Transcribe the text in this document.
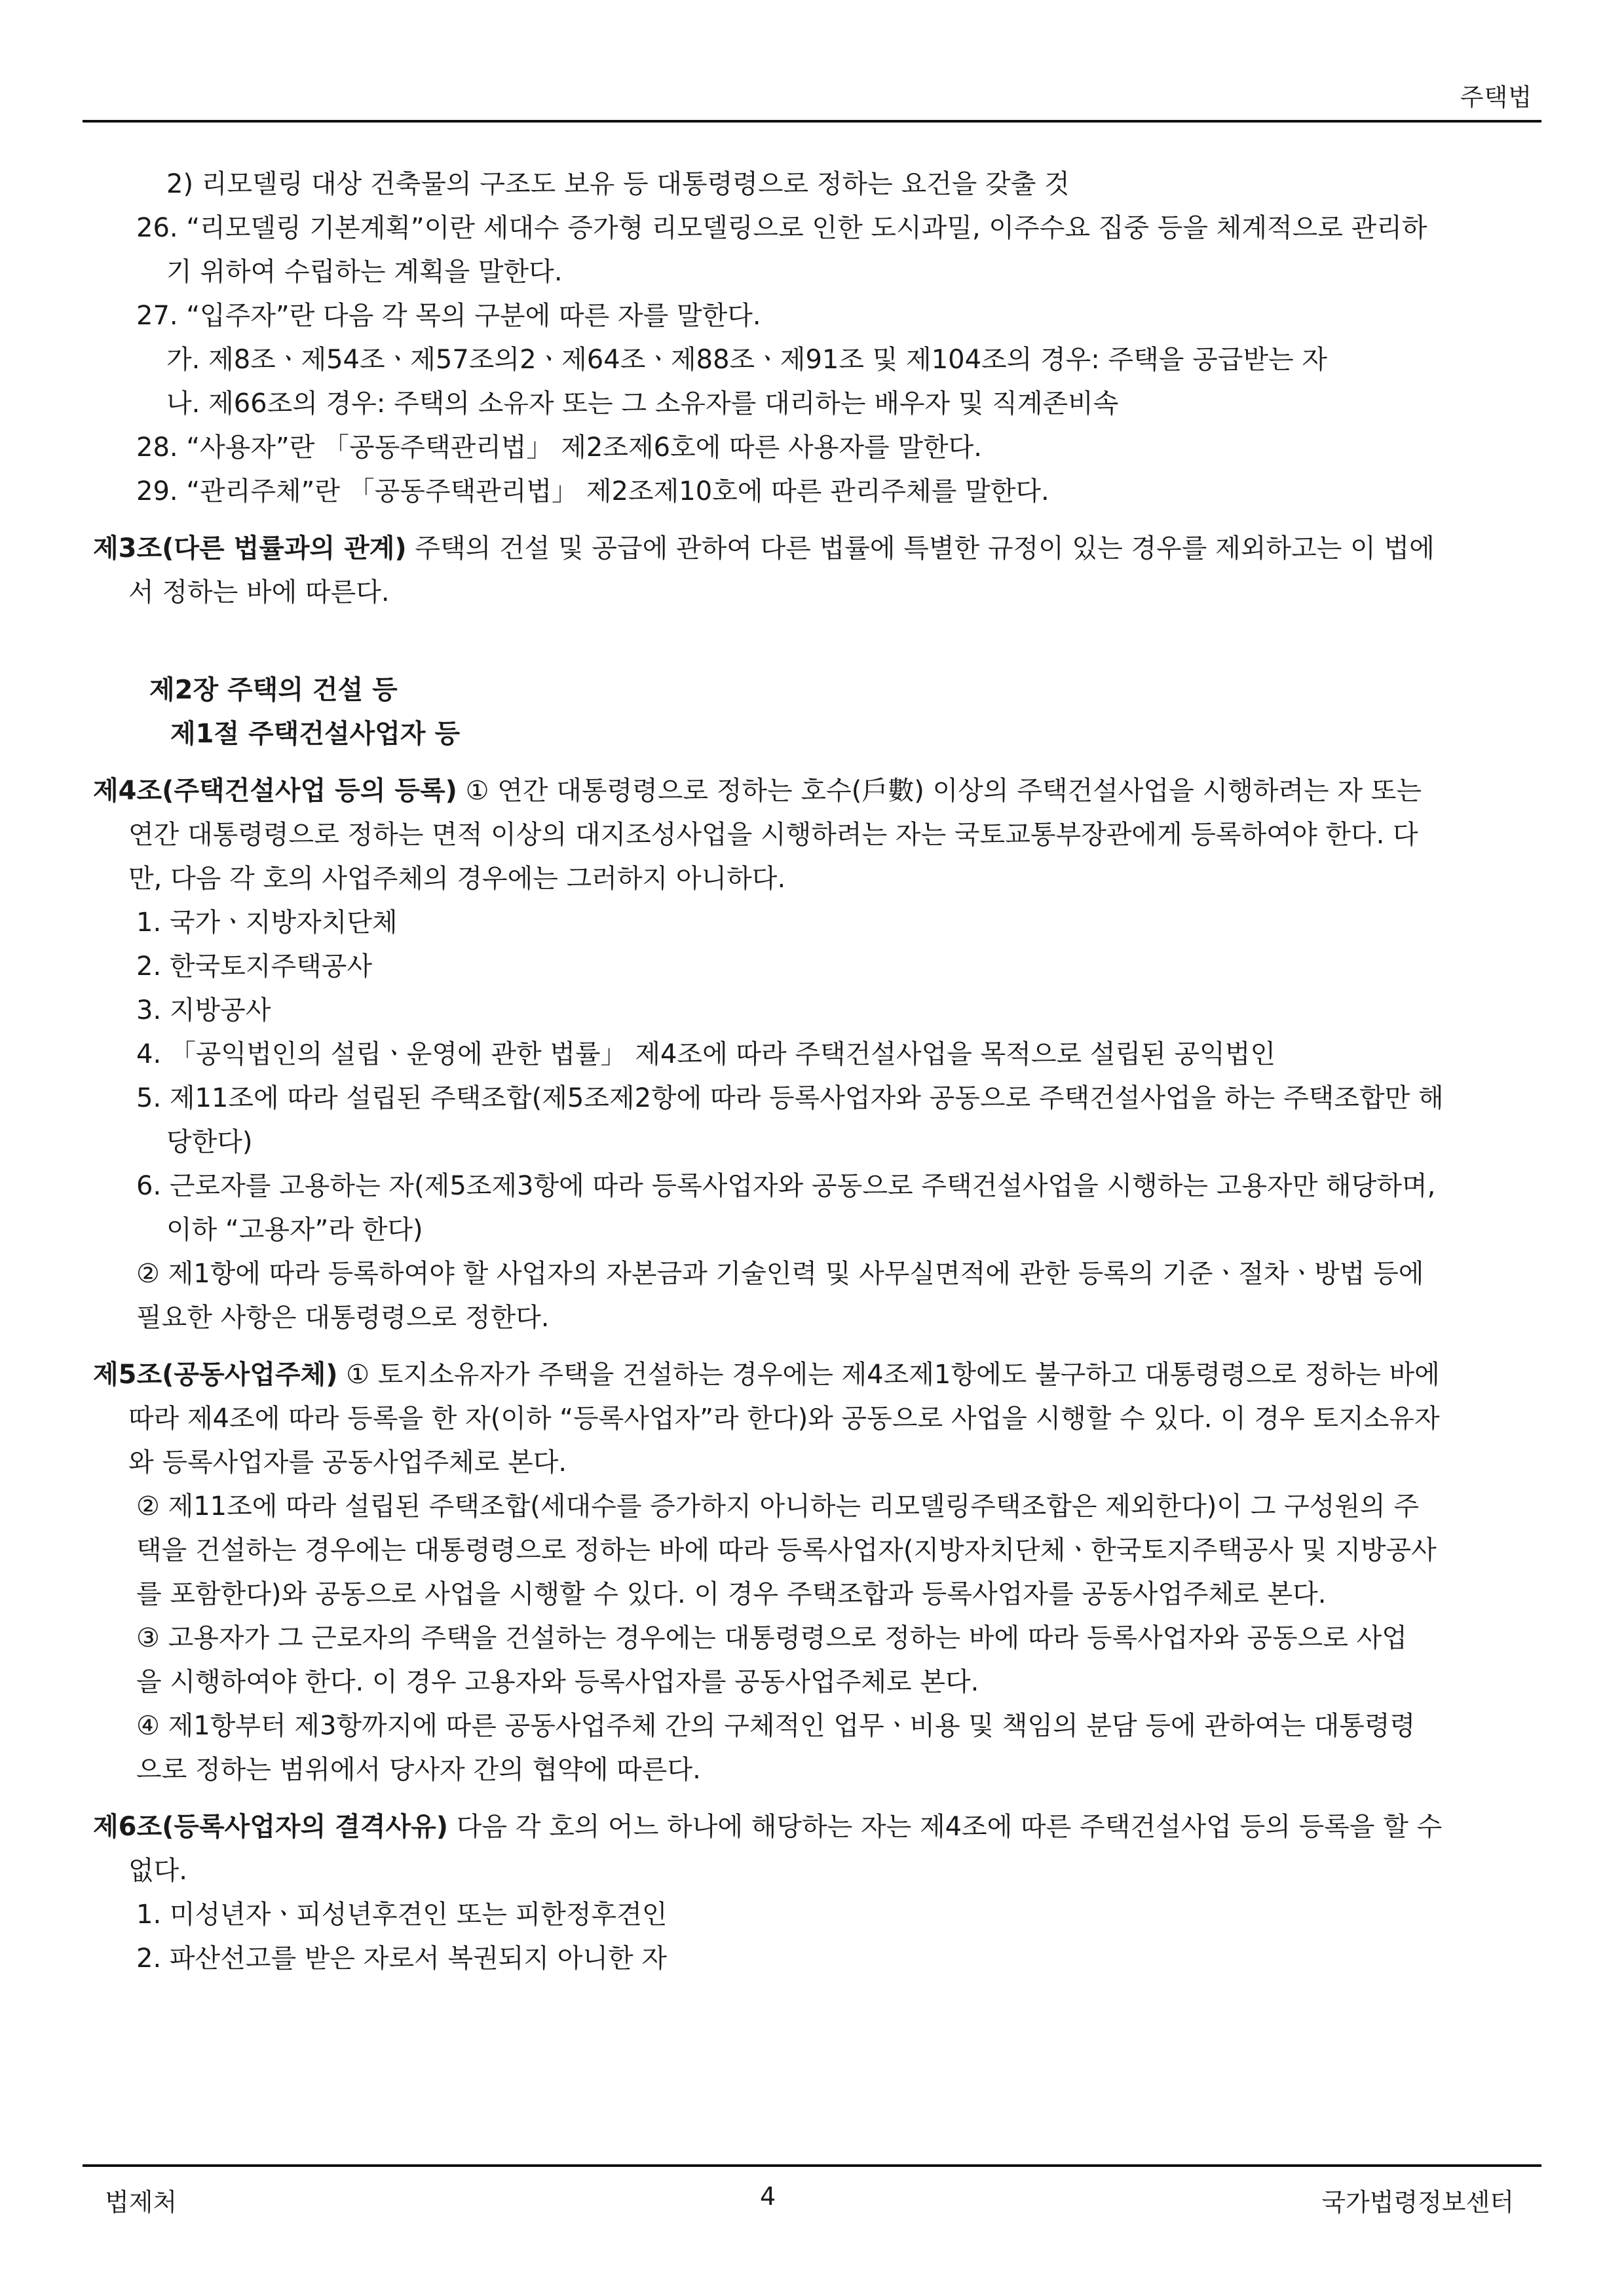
주택법
2) 리모델링 대상 건축물의 구조도 보유 등 대통령령으로 정하는 요건을 갖출 것
26. “리모델링 기본계획”이란 세대수 증가형 리모델링으로 인한 도시과밀, 이주수요 집중 등을 체계적으로 관리하
기 위하여 수립하는 계획을 말한다.
27. “입주자”란 다음 각 목의 구분에 따른 자를 말한다.
가. 제8조ㆍ제54조ㆍ제57조의2ㆍ제64조ㆍ제88조ㆍ제91조 및 제104조의 경우: 주택을 공급받는 자
나. 제66조의 경우: 주택의 소유자 또는 그 소유자를 대리하는 배우자 및 직계존비속
28. “사용자”란 「공동주택관리법」 제2조제6호에 따른 사용자를 말한다.
29. “관리주체”란 「공동주택관리법」 제2조제10호에 따른 관리주체를 말한다.
제3조(다른 법률과의 관계) 주택의 건설 및 공급에 관하여 다른 법률에 특별한 규정이 있는 경우를 제외하고는 이 법에
서 정하는 바에 따른다.
제2장 주택의 건설 등
제1절 주택건설사업자 등
제4조(주택건설사업 등의 등록) ① 연간 대통령령으로 정하는 호수(戶數) 이상의 주택건설사업을 시행하려는 자 또는
연간 대통령령으로 정하는 면적 이상의 대지조성사업을 시행하려는 자는 국토교통부장관에게 등록하여야 한다. 다
만, 다음 각 호의 사업주체의 경우에는 그러하지 아니하다.
1. 국가ㆍ지방자치단체
2. 한국토지주택공사
3. 지방공사
4. 「공익법인의 설립ㆍ운영에 관한 법률」 제4조에 따라 주택건설사업을 목적으로 설립된 공익법인
5. 제11조에 따라 설립된 주택조합(제5조제2항에 따라 등록사업자와 공동으로 주택건설사업을 하는 주택조합만 해
당한다)
6. 근로자를 고용하는 자(제5조제3항에 따라 등록사업자와 공동으로 주택건설사업을 시행하는 고용자만 해당하며,
이하 “고용자”라 한다)
② 제1항에 따라 등록하여야 할 사업자의 자본금과 기술인력 및 사무실면적에 관한 등록의 기준ㆍ절차ㆍ방법 등에
필요한 사항은 대통령령으로 정한다.
제5조(공동사업주체) ① 토지소유자가 주택을 건설하는 경우에는 제4조제1항에도 불구하고 대통령령으로 정하는 바에
따라 제4조에 따라 등록을 한 자(이하 “등록사업자”라 한다)와 공동으로 사업을 시행할 수 있다. 이 경우 토지소유자
와 등록사업자를 공동사업주체로 본다.
② 제11조에 따라 설립된 주택조합(세대수를 증가하지 아니하는 리모델링주택조합은 제외한다)이 그 구성원의 주
택을 건설하는 경우에는 대통령령으로 정하는 바에 따라 등록사업자(지방자치단체ㆍ한국토지주택공사 및 지방공사
를 포함한다)와 공동으로 사업을 시행할 수 있다. 이 경우 주택조합과 등록사업자를 공동사업주체로 본다.
③ 고용자가 그 근로자의 주택을 건설하는 경우에는 대통령령으로 정하는 바에 따라 등록사업자와 공동으로 사업
을 시행하여야 한다. 이 경우 고용자와 등록사업자를 공동사업주체로 본다.
④ 제1항부터 제3항까지에 따른 공동사업주체 간의 구체적인 업무ㆍ비용 및 책임의 분담 등에 관하여는 대통령령
으로 정하는 범위에서 당사자 간의 협약에 따른다.
제6조(등록사업자의 결격사유) 다음 각 호의 어느 하나에 해당하는 자는 제4조에 따른 주택건설사업 등의 등록을 할 수
없다.
1. 미성년자ㆍ피성년후견인 또는 피한정후견인
2. 파산선고를 받은 자로서 복권되지 아니한 자
법제처	4	국가법령정보센터
